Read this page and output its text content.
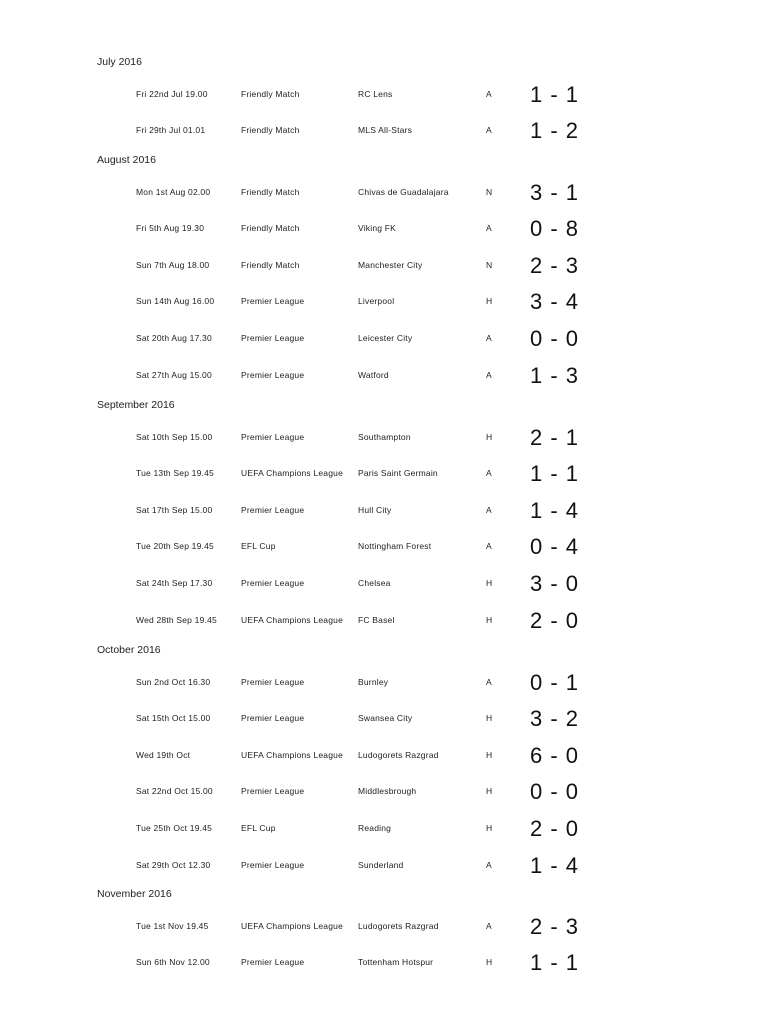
July 2016
Fri 22nd Jul 19.00	Friendly Match	RC Lens	A	1 - 1
Fri 29th Jul 01.01	Friendly Match	MLS All-Stars	A	1 - 2
August 2016
Mon 1st Aug 02.00	Friendly Match	Chivas de Guadalajara	N	3 - 1
Fri 5th Aug 19.30	Friendly Match	Viking FK	A	0 - 8
Sun 7th Aug 18.00	Friendly Match	Manchester City	N	2 - 3
Sun 14th Aug 16.00	Premier League	Liverpool	H	3 - 4
Sat 20th Aug 17.30	Premier League	Leicester City	A	0 - 0
Sat 27th Aug 15.00	Premier League	Watford	A	1 - 3
September 2016
Sat 10th Sep 15.00	Premier League	Southampton	H	2 - 1
Tue 13th Sep 19.45	UEFA Champions League	Paris Saint Germain	A	1 - 1
Sat 17th Sep 15.00	Premier League	Hull City	A	1 - 4
Tue 20th Sep 19.45	EFL Cup	Nottingham Forest	A	0 - 4
Sat 24th Sep 17.30	Premier League	Chelsea	H	3 - 0
Wed 28th Sep 19.45	UEFA Champions League	FC Basel	H	2 - 0
October 2016
Sun 2nd Oct 16.30	Premier League	Burnley	A	0 - 1
Sat 15th Oct 15.00	Premier League	Swansea City	H	3 - 2
Wed 19th Oct	UEFA Champions League	Ludogorets Razgrad	H	6 - 0
Sat 22nd Oct 15.00	Premier League	Middlesbrough	H	0 - 0
Tue 25th Oct 19.45	EFL Cup	Reading	H	2 - 0
Sat 29th Oct 12.30	Premier League	Sunderland	A	1 - 4
November 2016
Tue 1st Nov 19.45	UEFA Champions League	Ludogorets Razgrad	A	2 - 3
Sun 6th Nov 12.00	Premier League	Tottenham Hotspur	H	1 - 1
